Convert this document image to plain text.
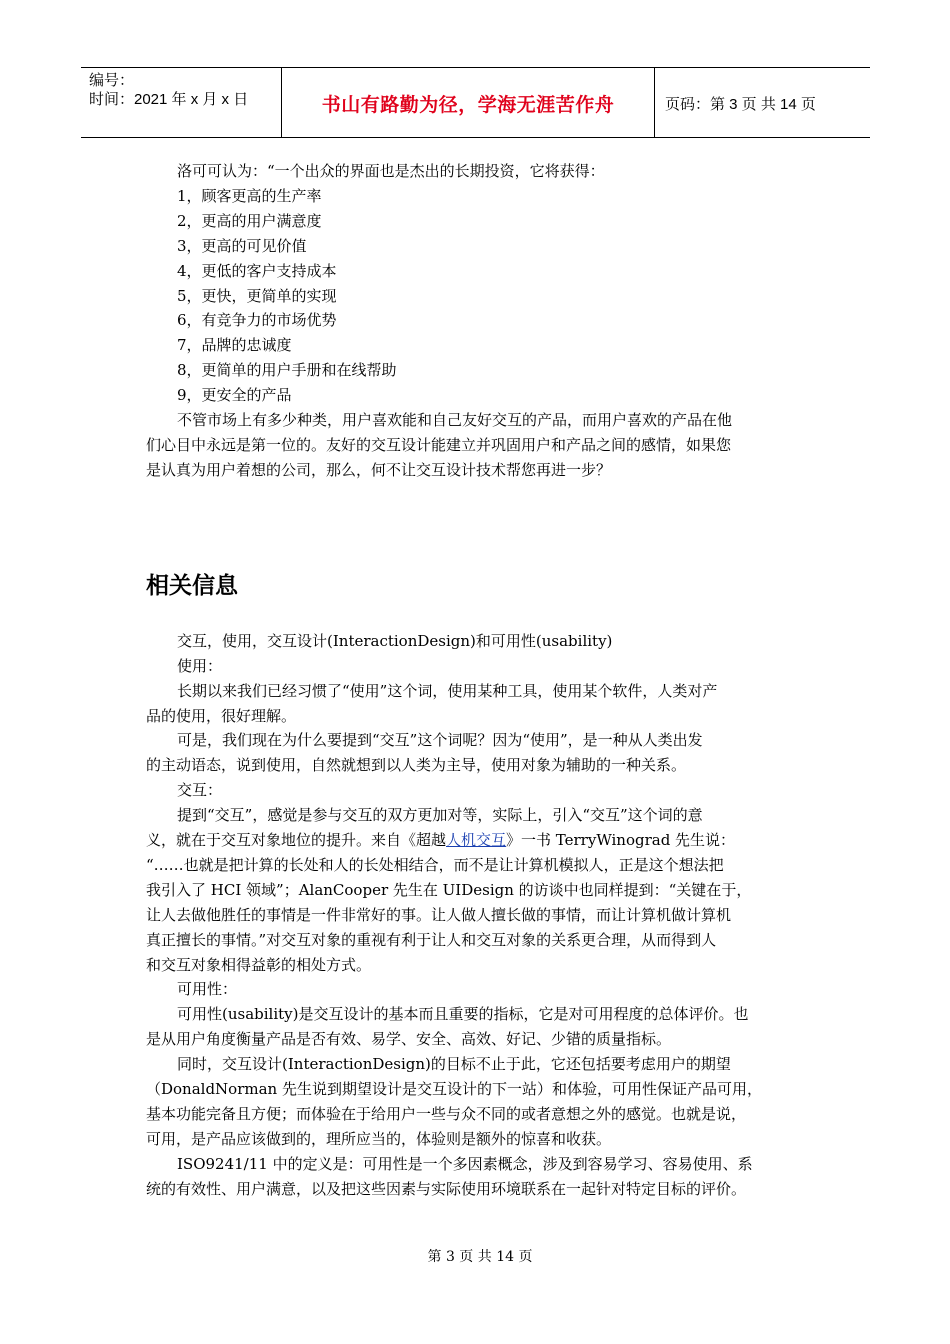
编号：
时间：2021 年 x 月 x 日	书山有路勤为径，学海无涯苦作舟	页码：第 3 页 共 14 页

洛可可认为：“一个出众的界面也是杰出的长期投资，它将获得：

1，顾客更高的生产率

2，更高的用户满意度

3，更高的可见价值

4，更低的客户支持成本

5，更快，更简单的实现

6，有竞争力的市场优势

7，品牌的忠诚度

8，更简单的用户手册和在线帮助

9，更安全的产品

不管市场上有多少种类，用户喜欢能和自己友好交互的产品，而用户喜欢的产品在他

们心目中永远是第一位的。友好的交互设计能建立并巩固用户和产品之间的感情，如果您

是认真为用户着想的公司，那么，何不让交互设计技术帮您再进一步？

相关信息

交互，使用，交互设计(InteractionDesign)和可用性(usability)

使用：

长期以来我们已经习惯了“使用”这个词，使用某种工具，使用某个软件，人类对产

品的使用，很好理解。

可是，我们现在为什么要提到“交互”这个词呢？因为“使用”，是一种从人类出发

的主动语态，说到使用，自然就想到以人类为主导，使用对象为辅助的一种关系。

交互：

提到“交互”，感觉是参与交互的双方更加对等，实际上，引入“交互”这个词的意

义，就在于交互对象地位的提升。来自《超越人机交互》一书 TerryWinograd 先生说：

“……也就是把计算的长处和人的长处相结合，而不是让计算机模拟人，正是这个想法把

我引入了 HCI 领域”；AlanCooper 先生在 UIDesign 的访谈中也同样提到：“关键在于，

让人去做他胜任的事情是一件非常好的事。让人做人擅长做的事情，而让计算机做计算机

真正擅长的事情。”对交互对象的重视有利于让人和交互对象的关系更合理，从而得到人

和交互对象相得益彰的相处方式。

可用性：

可用性(usability)是交互设计的基本而且重要的指标，它是对可用程度的总体评价。也

是从用户角度衡量产品是否有效、易学、安全、高效、好记、少错的质量指标。

同时，交互设计(InteractionDesign)的目标不止于此，它还包括要考虑用户的期望

（DonaldNorman 先生说到期望设计是交互设计的下一站）和体验，可用性保证产品可用，

基本功能完备且方便；而体验在于给用户一些与众不同的或者意想之外的感觉。也就是说，

可用，是产品应该做到的，理所应当的，体验则是额外的惊喜和收获。

ISO9241/11 中的定义是：可用性是一个多因素概念，涉及到容易学习、容易使用、系

统的有效性、用户满意，以及把这些因素与实际使用环境联系在一起针对特定目标的评价。

第 3 页 共 14 页
